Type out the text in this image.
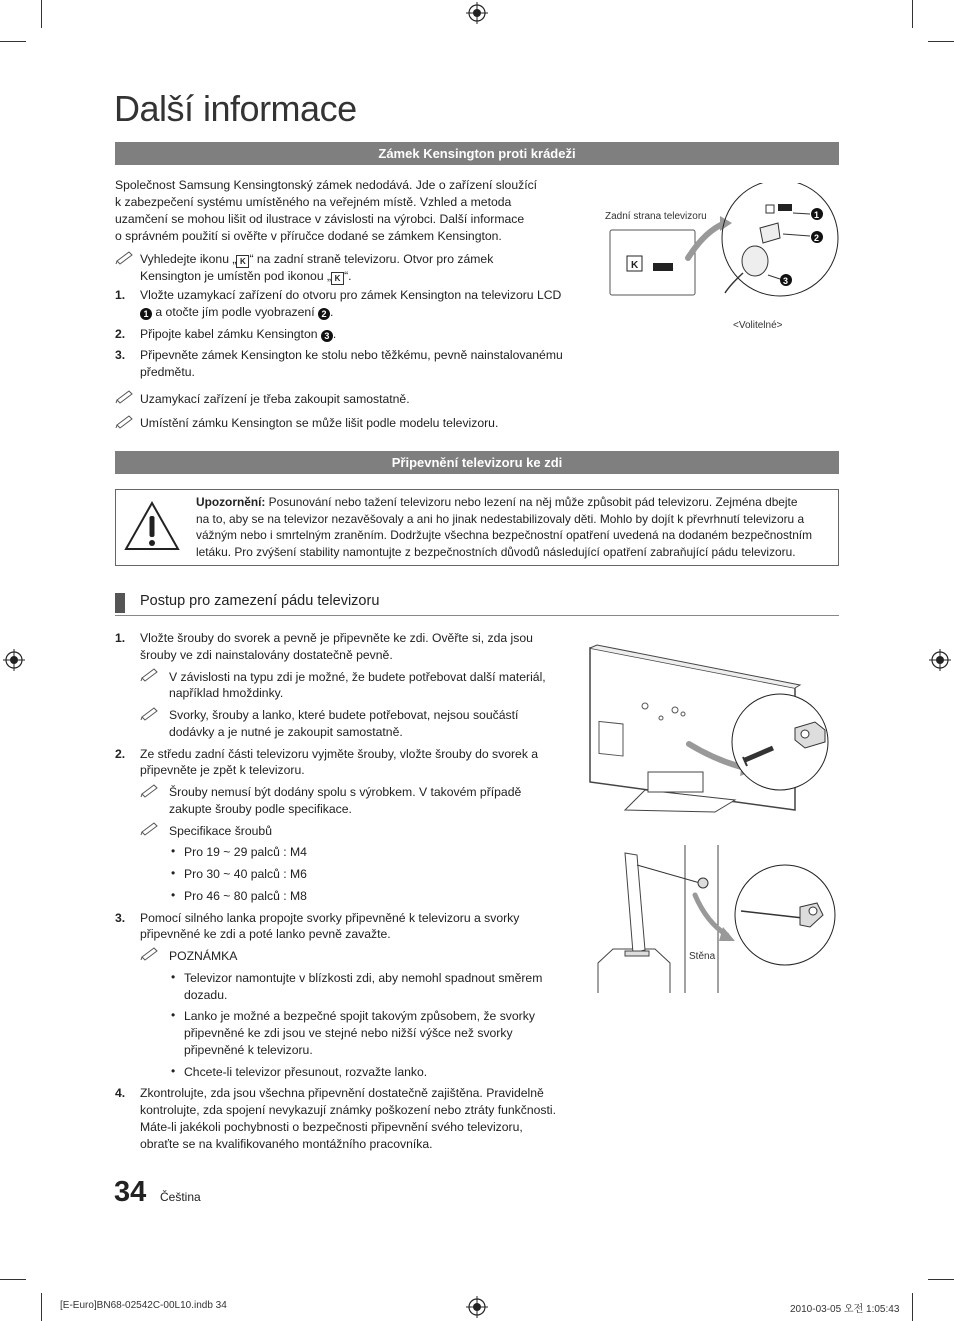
Další informace
Zámek Kensington proti krádeži
Společnost Samsung Kensingtonský zámek nedodává. Jde o zařízení sloužící
k zabezpečení systému umístěného na veřejném místě. Vzhled a metoda
uzamčení se mohou lišit od ilustrace v závislosti na výrobci. Další informace
o správném použití si ověřte v příručce dodané se zámkem Kensington.
Vyhledejte ikonu „ K “ na zadní straně televizoru. Otvor pro zámek
Kensington je umístěn pod ikonou „ K “.
1. Vložte uzamykací zařízení do otvoru pro zámek Kensington na televizoru LCD
1 a otočte jím podle vyobrazení 2 .
2. Připojte kabel zámku Kensington 3 .
3. Připevněte zámek Kensington ke stolu nebo těžkému, pevně nainstalovanému
předmětu.
Uzamykací zařízení je třeba zakoupit samostatně.
Umístění zámku Kensington se může lišit podle modelu televizoru.
Zadní strana televizoru
K
1
2
3
<Volitelné>
Připevnění televizoru ke zdi
Upozornění: Posunování nebo tažení televizoru nebo lezení na něj může způsobit pád televizoru. Zejména dbejte
na to, aby se na televizor nezavěšovaly a ani ho jinak nedestabilizovaly děti. Mohlo by dojít k převrhnutí televizoru a
vážným nebo i smrtelným zraněním. Dodržujte všechna bezpečnostní opatření uvedená na dodaném bezpečnostním
letáku. Pro zvýšení stability namontujte z bezpečnostních důvodů následující opatření zabraňující pádu televizoru.
Postup pro zamezení pádu televizoru
1. Vložte šrouby do svorek a pevně je připevněte ke zdi. Ověřte si, zda jsou
šrouby ve zdi nainstalovány dostatečně pevně.
V závislosti na typu zdi je možné, že budete potřebovat další materiál,
například hmoždinky.
Svorky, šrouby a lanko, které budete potřebovat, nejsou součástí
dodávky a je nutné je zakoupit samostatně.
2. Ze středu zadní části televizoru vyjměte šrouby, vložte šrouby do svorek a
připevněte je zpět k televizoru.
Šrouby nemusí být dodány spolu s výrobkem. V takovém případě
zakupte šrouby podle specifikace.
Specifikace šroubů
• Pro 19 ~ 29 palců : M4
• Pro 30 ~ 40 palců : M6
• Pro 46 ~ 80 palců : M8
3. Pomocí silného lanka propojte svorky připevněné k televizoru a svorky
připevněné ke zdi a poté lanko pevně zavažte.
POZNÁMKA
• Televizor namontujte v blízkosti zdi, aby nemohl spadnout směrem
dozadu.
• Lanko je možné a bezpečné spojit takovým způsobem, že svorky
připevněné ke zdi jsou ve stejné nebo nižší výšce než svorky
připevněné k televizoru.
• Chcete-li televizor přesunout, rozvažte lanko.
4. Zkontrolujte, zda jsou všechna připevnění dostatečně zajištěna. Pravidelně
kontrolujte, zda spojení nevykazují známky poškození nebo ztráty funkčnosti.
Máte-li jakékoli pochybnosti o bezpečnosti připevnění svého televizoru,
obraťte se na kvalifikovaného montážního pracovníka.
Stěna
34 Čeština
[E-Euro]BN68-02542C-00L10.indb 34	2010-03-05 오전 1:05:43
